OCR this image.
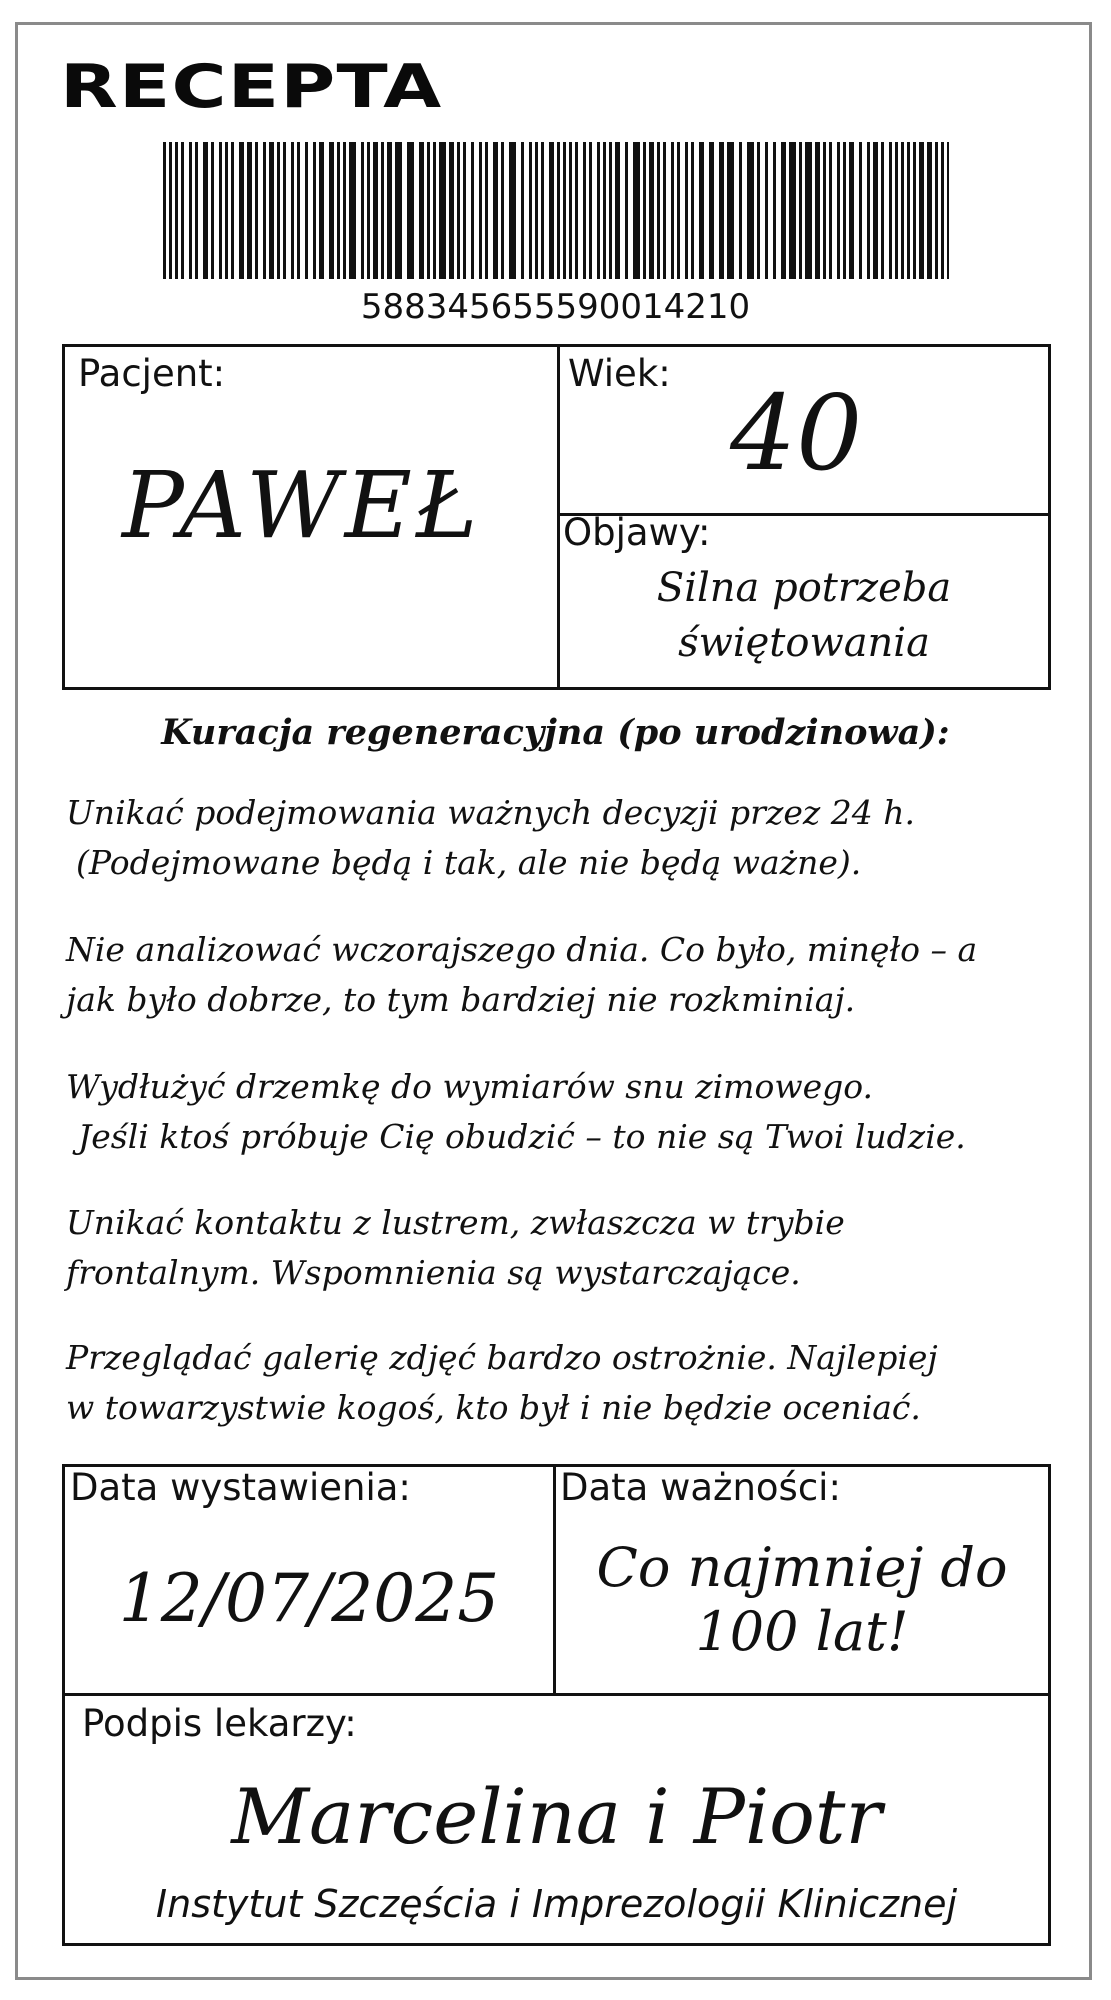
RECEPTA
588345655590014210
Pacjent:
PAWEŁ
Wiek: 40
Objawy:
Silna potrzeba
świętowania
Kuracja regeneracyjna (po urodzinowa):
Unikać podejmowania ważnych decyzji przez 24 h.
(Podejmowane będą i tak, ale nie będą ważne).
Nie analizować wczorajszego dnia. Co było, minęło – a
jak było dobrze, to tym bardziej nie rozkminiaj.
Wydłużyć drzemkę do wymiarów snu zimowego.
Jeśli ktoś próbuje Cię obudzić – to nie są Twoi ludzie.
Unikać kontaktu z lustrem, zwłaszcza w trybie
frontalnym. Wspomnienia są wystarczające.
Przeglądać galerię zdjęć bardzo ostrożnie. Najlepiej
w towarzystwie kogoś, kto był i nie będzie oceniać.
Data wystawienia:
12/07/2025
Data ważności:
Co najmniej do
100 lat!
Podpis lekarzy:
Marcelina i Piotr
Instytut Szczęścia i Imprezologii Klinicznej
